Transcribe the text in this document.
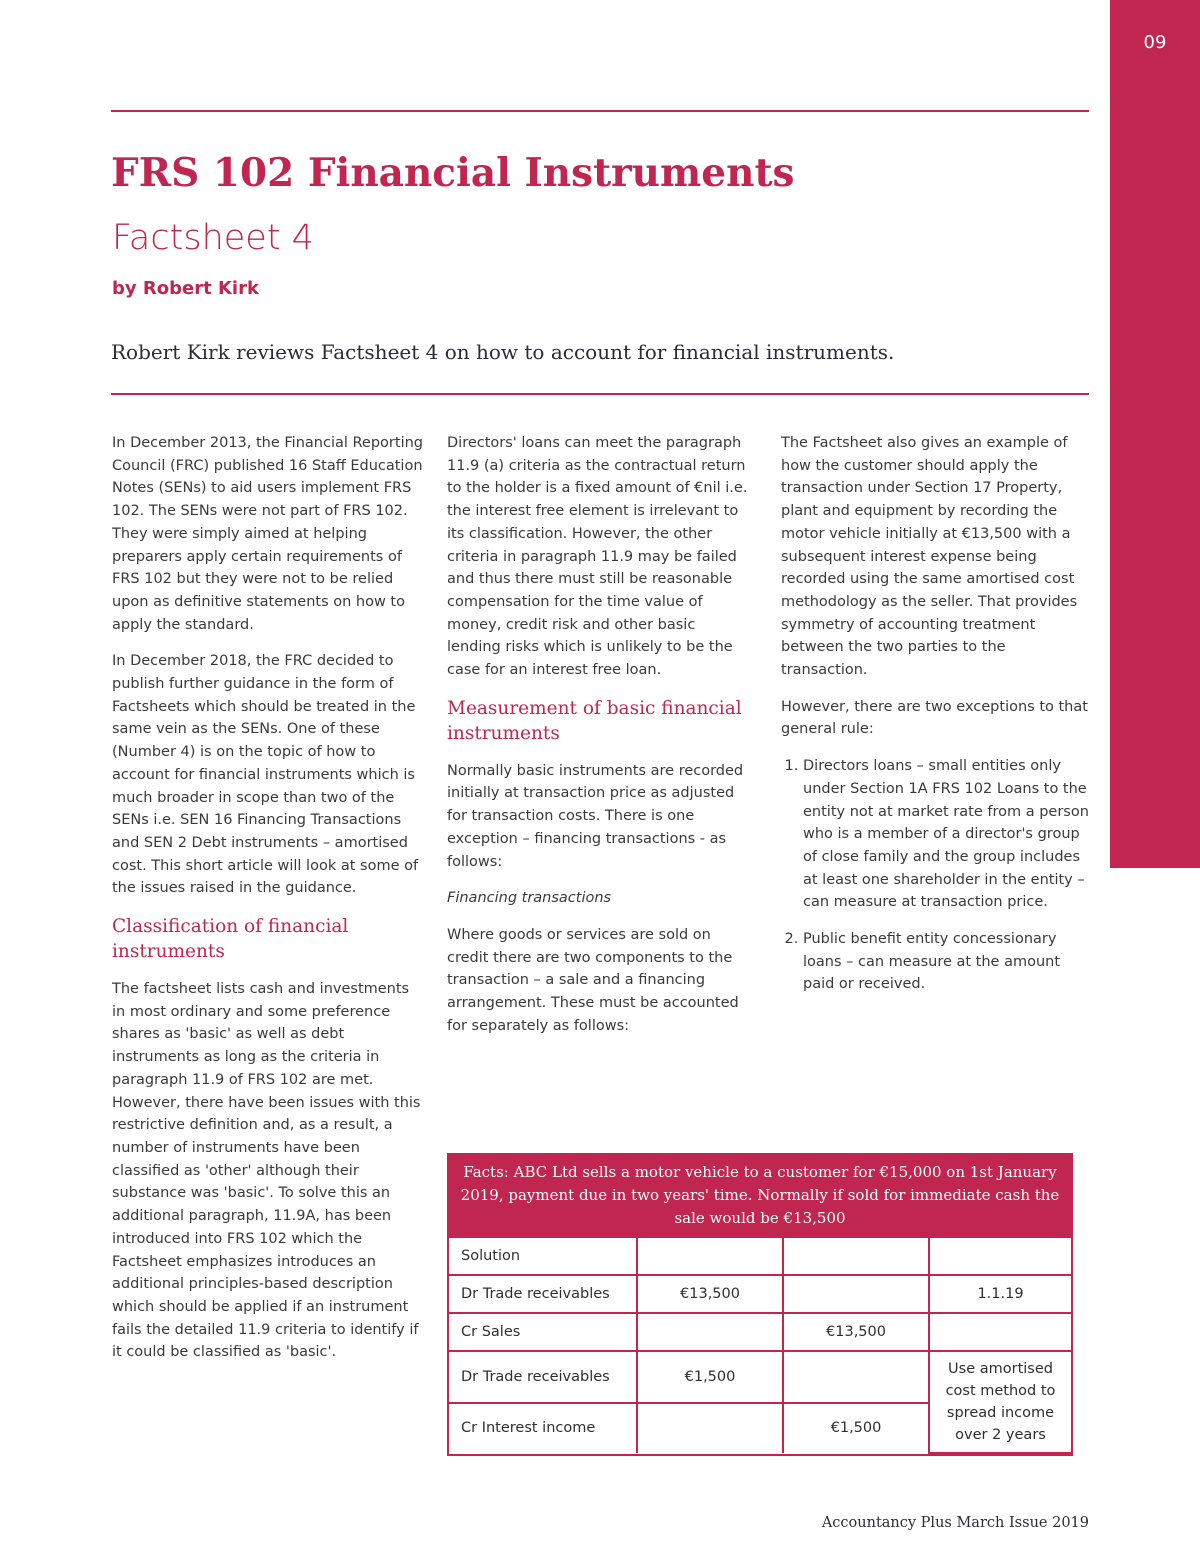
09
FINANCIAL REPORTING
FRS 102 Financial Instruments - Factsheet 4 by Robert Kirk
FRS 102 Financial Instruments
Factsheet 4
by Robert Kirk
Robert Kirk reviews Factsheet 4 on how to account for financial instruments.

In December 2013, the Financial Reporting Council (FRC) published 16 Staff Education Notes (SENs) to aid users implement FRS 102. The SENs were not part of FRS 102. They were simply aimed at helping preparers apply certain requirements of FRS 102 but they were not to be relied upon as definitive statements on how to apply the standard.

In December 2018, the FRC decided to publish further guidance in the form of Factsheets which should be treated in the same vein as the SENs. One of these (Number 4) is on the topic of how to account for financial instruments which is much broader in scope than two of the SENs i.e. SEN 16 Financing Transactions and SEN 2 Debt instruments – amortised cost. This short article will look at some of the issues raised in the guidance.

Classification of financial instruments

The factsheet lists cash and investments in most ordinary and some preference shares as 'basic' as well as debt instruments as long as the criteria in paragraph 11.9 of FRS 102 are met. However, there have been issues with this restrictive definition and, as a result, a number of instruments have been classified as 'other' although their substance was 'basic'. To solve this an additional paragraph, 11.9A, has been introduced into FRS 102 which the Factsheet emphasizes introduces an additional principles-based description which should be applied if an instrument fails the detailed 11.9 criteria to identify if it could be classified as 'basic'.

Directors' loans can meet the paragraph 11.9 (a) criteria as the contractual return to the holder is a fixed amount of €nil i.e. the interest free element is irrelevant to its classification. However, the other criteria in paragraph 11.9 may be failed and thus there must still be reasonable compensation for the time value of money, credit risk and other basic lending risks which is unlikely to be the case for an interest free loan.

Measurement of basic financial instruments

Normally basic instruments are recorded initially at transaction price as adjusted for transaction costs. There is one exception – financing transactions - as follows:

Financing transactions

Where goods or services are sold on credit there are two components to the transaction – a sale and a financing arrangement. These must be accounted for separately as follows:

The Factsheet also gives an example of how the customer should apply the transaction under Section 17 Property, plant and equipment by recording the motor vehicle initially at €13,500 with a subsequent interest expense being recorded using the same amortised cost methodology as the seller. That provides symmetry of accounting treatment between the two parties to the transaction.

However, there are two exceptions to that general rule:

1. Directors loans – small entities only under Section 1A FRS 102 Loans to the entity not at market rate from a person who is a member of a director's group of close family and the group includes at least one shareholder in the entity – can measure at transaction price.
2. Public benefit entity concessionary loans – can measure at the amount paid or received.
Facts: ABC Ltd sells a motor vehicle to a customer for €15,000 on 1st January 2019, payment due in two years' time. Normally if sold for immediate cash the sale would be €13,500
Solution			
Dr Trade receivables	€13,500		1.1.19
Cr Sales		€13,500	
Dr Trade receivables	€1,500		Use amortised cost method to spread income over 2 years
Cr Interest income		€1,500	
Accountancy Plus March Issue 2019
